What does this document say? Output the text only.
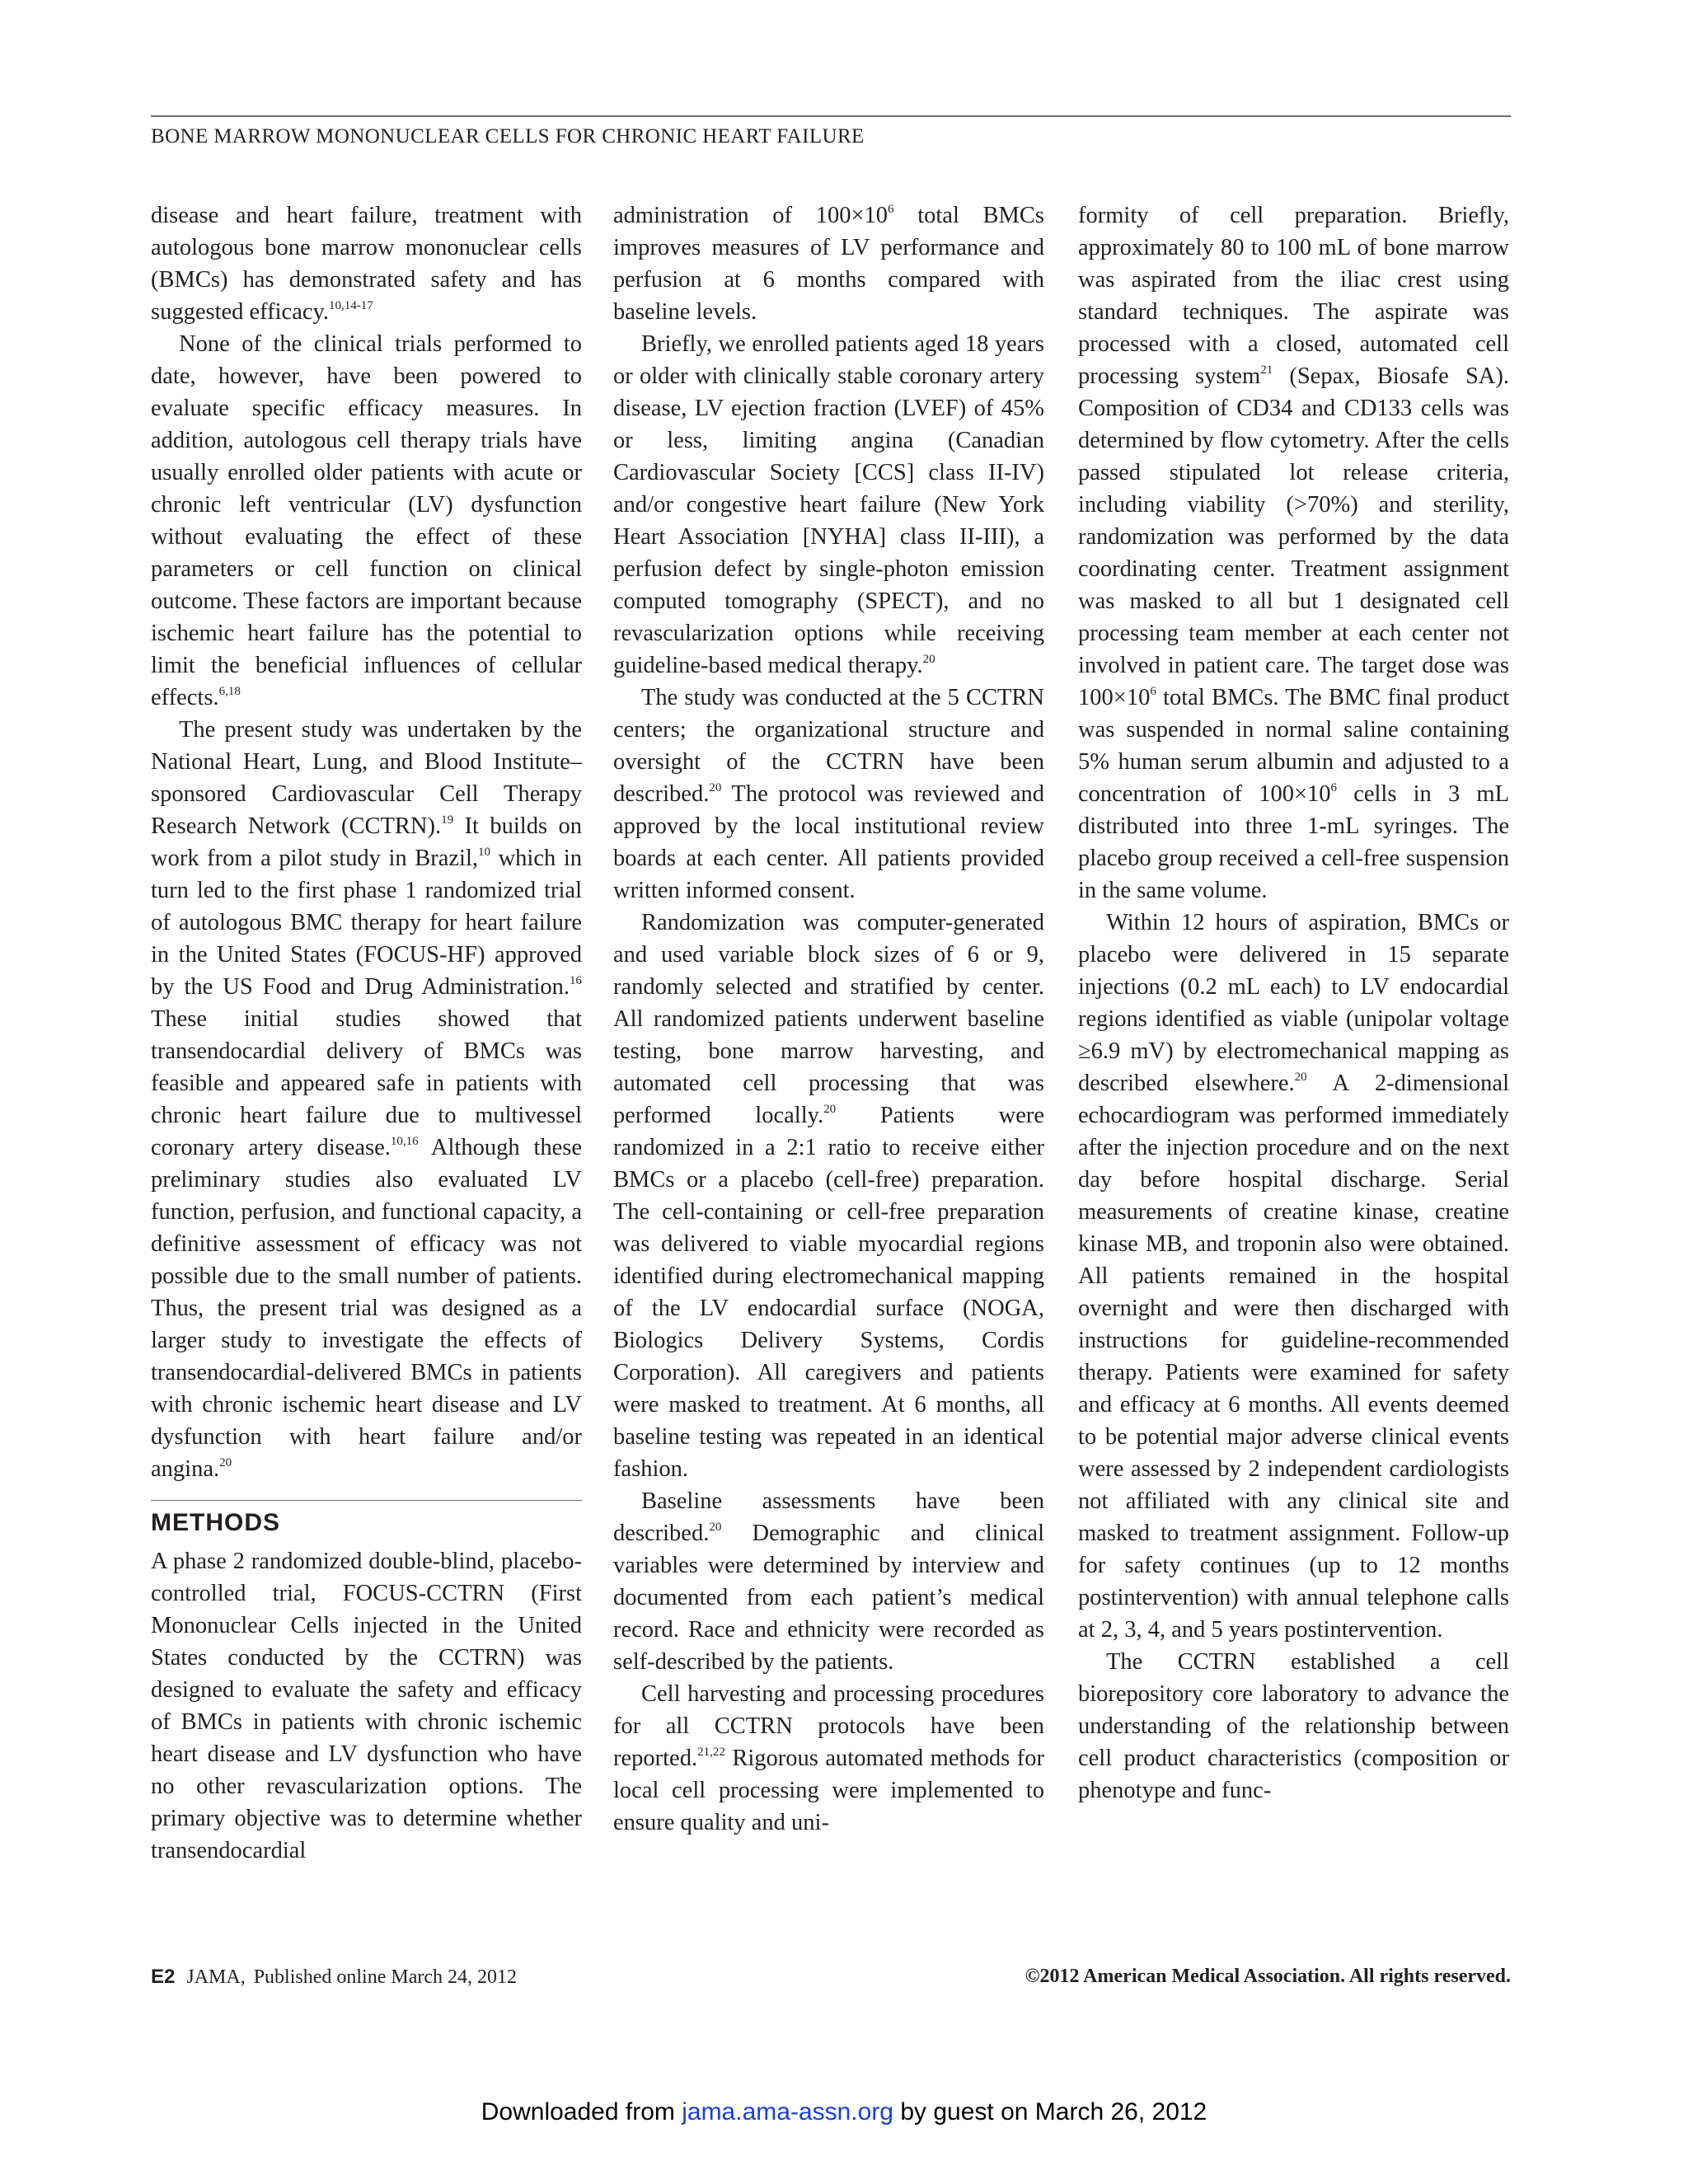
BONE MARROW MONONUCLEAR CELLS FOR CHRONIC HEART FAILURE

disease and heart failure, treatment with autologous bone marrow mononuclear cells (BMCs) has demonstrated safety and has suggested efficacy.$^{10,14-17}$

None of the clinical trials performed to date, however, have been powered to evaluate specific efficacy measures. In addition, autologous cell therapy trials have usually enrolled older patients with acute or chronic left ventricular (LV) dysfunction without evaluating the effect of these parameters or cell function on clinical outcome. These factors are important because ischemic heart failure has the potential to limit the beneficial influences of cellular effects.$^{6,18}$

The present study was undertaken by the National Heart, Lung, and Blood Institute–sponsored Cardiovascular Cell Therapy Research Network (CCTRN).$^{19}$ It builds on work from a pilot study in Brazil,$^{10}$ which in turn led to the first phase 1 randomized trial of autologous BMC therapy for heart failure in the United States (FOCUS-HF) approved by the US Food and Drug Administration.$^{16}$ These initial studies showed that transendocardial delivery of BMCs was feasible and appeared safe in patients with chronic heart failure due to multivessel coronary artery disease.$^{10,16}$ Although these preliminary studies also evaluated LV function, perfusion, and functional capacity, a definitive assessment of efficacy was not possible due to the small number of patients. Thus, the present trial was designed as a larger study to investigate the effects of transendocardial-delivered BMCs in patients with chronic ischemic heart disease and LV dysfunction with heart failure and/or angina.$^{20}$

METHODS

A phase 2 randomized double-blind, placebo-controlled trial, FOCUS-CCTRN (First Mononuclear Cells injected in the United States conducted by the CCTRN) was designed to evaluate the safety and efficacy of BMCs in patients with chronic ischemic heart disease and LV dysfunction who have no other revascularization options. The primary objective was to determine whether transendocardial

administration of $100\times 10^6$ total BMCs improves measures of LV performance and perfusion at 6 months compared with baseline levels.

Briefly, we enrolled patients aged 18 years or older with clinically stable coronary artery disease, LV ejection fraction (LVEF) of 45% or less, limiting angina (Canadian Cardiovascular Society [CCS] class II-IV) and/or congestive heart failure (New York Heart Association [NYHA] class II-III), a perfusion defect by single-photon emission computed tomography (SPECT), and no revascularization options while receiving guideline-based medical therapy.$^{20}$

The study was conducted at the 5 CCTRN centers; the organizational structure and oversight of the CCTRN have been described.$^{20}$ The protocol was reviewed and approved by the local institutional review boards at each center. All patients provided written informed consent.

Randomization was computer-generated and used variable block sizes of 6 or 9, randomly selected and stratified by center. All randomized patients underwent baseline testing, bone marrow harvesting, and automated cell processing that was performed locally.$^{20}$ Patients were randomized in a 2:1 ratio to receive either BMCs or a placebo (cell-free) preparation. The cell-containing or cell-free preparation was delivered to viable myocardial regions identified during electromechanical mapping of the LV endocardial surface (NOGA, Biologics Delivery Systems, Cordis Corporation). All caregivers and patients were masked to treatment. At 6 months, all baseline testing was repeated in an identical fashion.

Baseline assessments have been described.$^{20}$ Demographic and clinical variables were determined by interview and documented from each patient’s medical record. Race and ethnicity were recorded as self-described by the patients.

Cell harvesting and processing procedures for all CCTRN protocols have been reported.$^{21,22}$ Rigorous automated methods for local cell processing were implemented to ensure quality and uni-

formity of cell preparation. Briefly, approximately 80 to 100 mL of bone marrow was aspirated from the iliac crest using standard techniques. The aspirate was processed with a closed, automated cell processing system$^{21}$ (Sepax, Biosafe SA). Composition of CD34 and CD133 cells was determined by flow cytometry. After the cells passed stipulated lot release criteria, including viability (>70%) and sterility, randomization was performed by the data coordinating center. Treatment assignment was masked to all but 1 designated cell processing team member at each center not involved in patient care. The target dose was $100\times 10^6$ total BMCs. The BMC final product was suspended in normal saline containing 5% human serum albumin and adjusted to a concentration of $100\times 10^6$ cells in 3 mL distributed into three 1-mL syringes. The placebo group received a cell-free suspension in the same volume.

Within 12 hours of aspiration, BMCs or placebo were delivered in 15 separate injections (0.2 mL each) to LV endocardial regions identified as viable (unipolar voltage ≥6.9 mV) by electromechanical mapping as described elsewhere.$^{20}$ A 2-dimensional echocardiogram was performed immediately after the injection procedure and on the next day before hospital discharge. Serial measurements of creatine kinase, creatine kinase MB, and troponin also were obtained. All patients remained in the hospital overnight and were then discharged with instructions for guideline-recommended therapy. Patients were examined for safety and efficacy at 6 months. All events deemed to be potential major adverse clinical events were assessed by 2 independent cardiologists not affiliated with any clinical site and masked to treatment assignment. Follow-up for safety continues (up to 12 months postintervention) with annual telephone calls at 2, 3, 4, and 5 years postintervention.

The CCTRN established a cell biorepository core laboratory to advance the understanding of the relationship between cell product characteristics (composition or phenotype and func-

E2 JAMA, Published online March 24, 2012	©2012 American Medical Association. All rights reserved.
Downloaded from jama.ama-assn.org by guest on March 26, 2012
